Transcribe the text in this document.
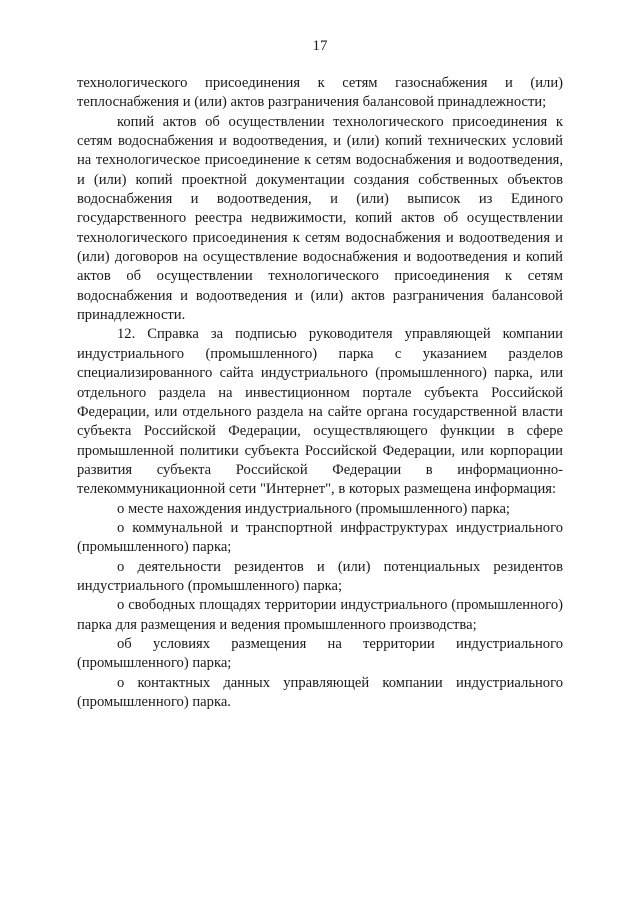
17

технологического присоединения к сетям газоснабжения и (или) теплоснабжения и (или) актов разграничения балансовой принадлежности;

копий актов об осуществлении технологического присоединения к сетям водоснабжения и водоотведения, и (или) копий технических условий на технологическое присоединение к сетям водоснабжения и водоотведения, и (или) копий проектной документации создания собственных объектов водоснабжения и водоотведения, и (или) выписок из Единого государственного реестра недвижимости, копий актов об осуществлении технологического присоединения к сетям водоснабжения и водоотведения и (или) договоров на осуществление водоснабжения и водоотведения и копий актов об осуществлении технологического присоединения к сетям водоснабжения и водоотведения и (или) актов разграничения балансовой принадлежности.

12. Справка за подписью руководителя управляющей компании индустриального (промышленного) парка с указанием разделов специализированного сайта индустриального (промышленного) парка, или отдельного раздела на инвестиционном портале субъекта Российской Федерации, или отдельного раздела на сайте органа государственной власти субъекта Российской Федерации, осуществляющего функции в сфере промышленной политики субъекта Российской Федерации, или корпорации развития субъекта Российской Федерации в информационно-телекоммуникационной сети "Интернет", в которых размещена информация:

о месте нахождения индустриального (промышленного) парка;

о коммунальной и транспортной инфраструктурах индустриального (промышленного) парка;

о деятельности резидентов и (или) потенциальных резидентов индустриального (промышленного) парка;

о свободных площадях территории индустриального (промышленного) парка для размещения и ведения промышленного производства;

об условиях размещения на территории индустриального (промышленного) парка;

о контактных данных управляющей компании индустриального (промышленного) парка.
